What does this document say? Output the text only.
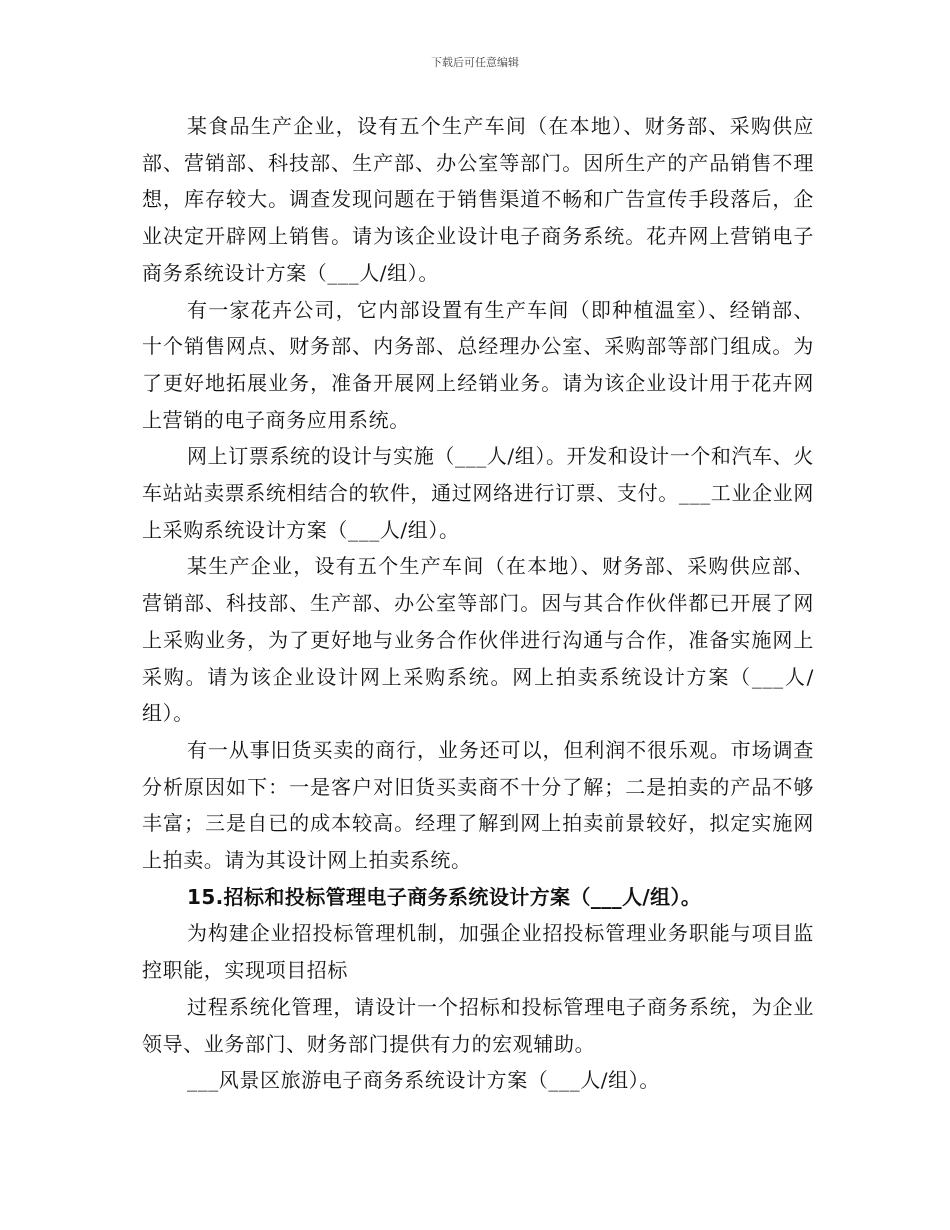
下载后可任意编辑

某食品生产企业，设有五个生产车间（在本地）、财务部、采购供应部、营销部、科技部、生产部、办公室等部门。因所生产的产品销售不理想，库存较大。调查发现问题在于销售渠道不畅和广告宣传手段落后，企业决定开辟网上销售。请为该企业设计电子商务系统。花卉网上营销电子商务系统设计方案（___人/组）。

有一家花卉公司，它内部设置有生产车间（即种植温室）、经销部、十个销售网点、财务部、内务部、总经理办公室、采购部等部门组成。为了更好地拓展业务，准备开展网上经销业务。请为该企业设计用于花卉网上营销的电子商务应用系统。

网上订票系统的设计与实施（___人/组）。开发和设计一个和汽车、火车站站卖票系统相结合的软件，通过网络进行订票、支付。___工业企业网上采购系统设计方案（___人/组）。

某生产企业，设有五个生产车间（在本地）、财务部、采购供应部、营销部、科技部、生产部、办公室等部门。因与其合作伙伴都已开展了网上采购业务，为了更好地与业务合作伙伴进行沟通与合作，准备实施网上采购。请为该企业设计网上采购系统。网上拍卖系统设计方案（___人/组）。

有一从事旧货买卖的商行，业务还可以，但利润不很乐观。市场调查分析原因如下：一是客户对旧货买卖商不十分了解；二是拍卖的产品不够丰富；三是自已的成本较高。经理了解到网上拍卖前景较好，拟定实施网上拍卖。请为其设计网上拍卖系统。

15.招标和投标管理电子商务系统设计方案（___人/组）。

为构建企业招投标管理机制，加强企业招投标管理业务职能与项目监控职能，实现项目招标

过程系统化管理，请设计一个招标和投标管理电子商务系统，为企业领导、业务部门、财务部门提供有力的宏观辅助。

___风景区旅游电子商务系统设计方案（___人/组）。
